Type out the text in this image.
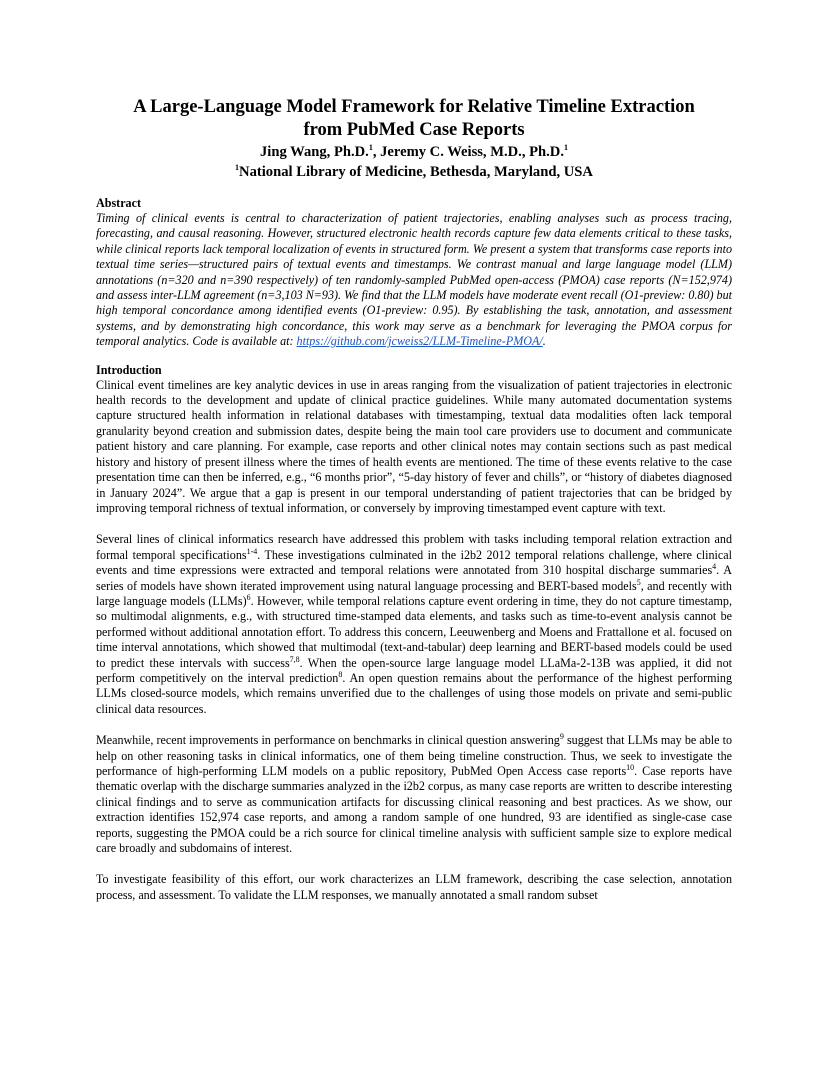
A Large-Language Model Framework for Relative Timeline Extraction
from PubMed Case Reports
Jing Wang, Ph.D.$^1$, Jeremy C. Weiss, M.D., Ph.D.$^1$
$^1$National Library of Medicine, Bethesda, Maryland, USA
Abstract

Timing of clinical events is central to characterization of patient trajectories, enabling analyses such as process tracing, forecasting, and causal reasoning. However, structured electronic health records capture few data elements critical to these tasks, while clinical reports lack temporal localization of events in structured form. We present a system that transforms case reports into textual time series—structured pairs of textual events and timestamps. We contrast manual and large language model (LLM) annotations (n=320 and n=390 respectively) of ten randomly-sampled PubMed open-access (PMOA) case reports (N=152,974) and assess inter-LLM agreement (n=3,103 N=93). We find that the LLM models have moderate event recall (O1-preview: 0.80) but high temporal concordance among identified events (O1-preview: 0.95). By establishing the task, annotation, and assessment systems, and by demonstrating high concordance, this work may serve as a benchmark for leveraging the PMOA corpus for temporal analytics. Code is available at: https://github.com/jcweiss2/LLM-Timeline-PMOA/.

Introduction

Clinical event timelines are key analytic devices in use in areas ranging from the visualization of patient trajectories in electronic health records to the development and update of clinical practice guidelines. While many automated documentation systems capture structured health information in relational databases with timestamping, textual data modalities often lack temporal granularity beyond creation and submission dates, despite being the main tool care providers use to document and communicate patient history and care planning. For example, case reports and other clinical notes may contain sections such as past medical history and history of present illness where the times of health events are mentioned. The time of these events relative to the case presentation time can then be inferred, e.g., “6 months prior”, “5-day history of fever and chills”, or “history of diabetes diagnosed in January 2024”. We argue that a gap is present in our temporal understanding of patient trajectories that can be bridged by improving temporal richness of textual information, or conversely by improving timestamped event capture with text.

Several lines of clinical informatics research have addressed this problem with tasks including temporal relation extraction and formal temporal specifications$^{1-4}$. These investigations culminated in the i2b2 2012 temporal relations challenge, where clinical events and time expressions were extracted and temporal relations were annotated from 310 hospital discharge summaries$^4$. A series of models have shown iterated improvement using natural language processing and BERT-based models$^5$, and recently with large language models (LLMs)$^6$. However, while temporal relations capture event ordering in time, they do not capture timestamp, so multimodal alignments, e.g., with structured time-stamped data elements, and tasks such as time-to-event analysis cannot be performed without additional annotation effort. To address this concern, Leeuwenberg and Moens and Frattallone et al. focused on time interval annotations, which showed that multimodal (text-and-tabular) deep learning and BERT-based models could be used to predict these intervals with success$^{7,8}$. When the open-source large language model LLaMa-2-13B was applied, it did not perform competitively on the interval prediction$^8$. An open question remains about the performance of the highest performing LLMs closed-source models, which remains unverified due to the challenges of using those models on private and semi-public clinical data resources.

Meanwhile, recent improvements in performance on benchmarks in clinical question answering$^9$ suggest that LLMs may be able to help on other reasoning tasks in clinical informatics, one of them being timeline construction. Thus, we seek to investigate the performance of high-performing LLM models on a public repository, PubMed Open Access case reports$^{10}$. Case reports have thematic overlap with the discharge summaries analyzed in the i2b2 corpus, as many case reports are written to describe interesting clinical findings and to serve as communication artifacts for discussing clinical reasoning and best practices. As we show, our extraction identifies 152,974 case reports, and among a random sample of one hundred, 93 are identified as single-case case reports, suggesting the PMOA could be a rich source for clinical timeline analysis with sufficient sample size to explore medical care broadly and subdomains of interest.

To investigate feasibility of this effort, our work characterizes an LLM framework, describing the case selection, annotation process, and assessment. To validate the LLM responses, we manually annotated a small random subset
